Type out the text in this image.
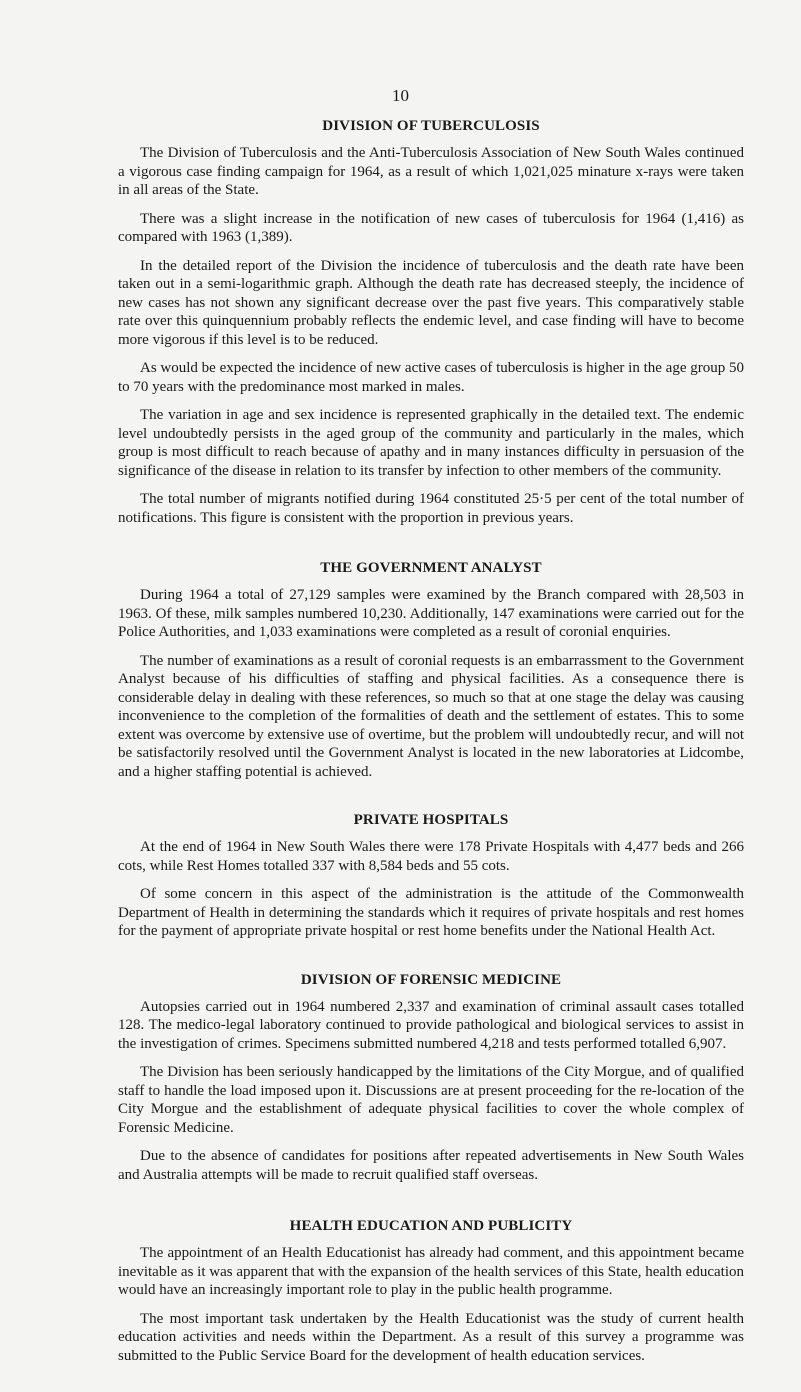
10
DIVISION OF TUBERCULOSIS

The Division of Tuberculosis and the Anti-Tuberculosis Association of New South Wales continued a vigorous case finding campaign for 1964, as a result of which 1,021,025 minature x-rays were taken in all areas of the State.

There was a slight increase in the notification of new cases of tuberculosis for 1964 (1,416) as compared with 1963 (1,389).

In the detailed report of the Division the incidence of tuberculosis and the death rate have been taken out in a semi-logarithmic graph. Although the death rate has decreased steeply, the incidence of new cases has not shown any significant decrease over the past five years. This comparatively stable rate over this quinquennium probably reflects the endemic level, and case finding will have to become more vigorous if this level is to be reduced.

As would be expected the incidence of new active cases of tuberculosis is higher in the age group 50 to 70 years with the predominance most marked in males.

The variation in age and sex incidence is represented graphically in the detailed text. The endemic level undoubtedly persists in the aged group of the community and particularly in the males, which group is most difficult to reach because of apathy and in many instances difficulty in persuasion of the significance of the disease in relation to its transfer by infection to other members of the community.

The total number of migrants notified during 1964 constituted 25·5 per cent of the total number of notifications. This figure is consistent with the proportion in previous years.

THE GOVERNMENT ANALYST

During 1964 a total of 27,129 samples were examined by the Branch compared with 28,503 in 1963. Of these, milk samples numbered 10,230. Additionally, 147 examinations were carried out for the Police Authorities, and 1,033 examinations were completed as a result of coronial enquiries.

The number of examinations as a result of coronial requests is an embarrassment to the Government Analyst because of his difficulties of staffing and physical facilities. As a consequence there is considerable delay in dealing with these references, so much so that at one stage the delay was causing inconvenience to the completion of the formalities of death and the settlement of estates. This to some extent was overcome by extensive use of overtime, but the problem will undoubtedly recur, and will not be satisfactorily resolved until the Government Analyst is located in the new laboratories at Lidcombe, and a higher staffing potential is achieved.

PRIVATE HOSPITALS

At the end of 1964 in New South Wales there were 178 Private Hospitals with 4,477 beds and 266 cots, while Rest Homes totalled 337 with 8,584 beds and 55 cots.

Of some concern in this aspect of the administration is the attitude of the Commonwealth Department of Health in determining the standards which it requires of private hospitals and rest homes for the payment of appropriate private hospital or rest home benefits under the National Health Act.

DIVISION OF FORENSIC MEDICINE

Autopsies carried out in 1964 numbered 2,337 and examination of criminal assault cases totalled 128. The medico-legal laboratory continued to provide pathological and biological services to assist in the investigation of crimes. Specimens submitted numbered 4,218 and tests performed totalled 6,907.

The Division has been seriously handicapped by the limitations of the City Morgue, and of qualified staff to handle the load imposed upon it. Discussions are at present proceeding for the re-location of the City Morgue and the establishment of adequate physical facilities to cover the whole complex of Forensic Medicine.

Due to the absence of candidates for positions after repeated advertisements in New South Wales and Australia attempts will be made to recruit qualified staff overseas.

HEALTH EDUCATION AND PUBLICITY

The appointment of an Health Educationist has already had comment, and this appointment became inevitable as it was apparent that with the expansion of the health services of this State, health education would have an increasingly important role to play in the public health programme.

The most important task undertaken by the Health Educationist was the study of current health education activities and needs within the Department. As a result of this survey a programme was submitted to the Public Service Board for the development of health education services.
